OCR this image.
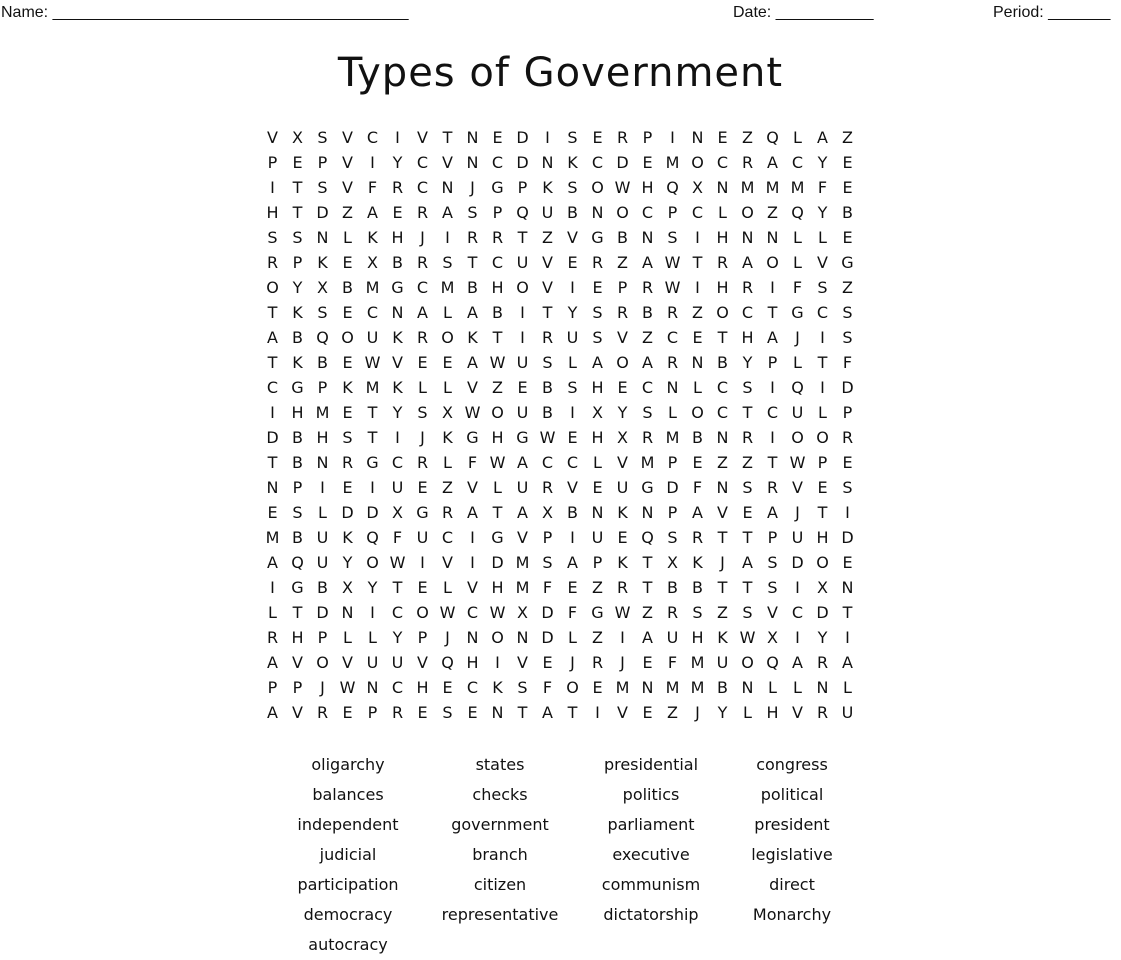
Name: ________________________________________	Date: ___________	Period: _______
Types of Government
V X S V C	I	V T N E D	I	S E R P	I	N E Z Q L A Z
P E P V	I	Y C V N C D N K C D E M O C R A C Y E
I	T S V F R C N	J	G P K S O W H Q X N M M M F E
H T D Z A E R A S P Q U B N O C P C L O Z Q Y B
S S N L K H	J	I	R R T Z V G B N S	I	H N N L	L E
R P K E X B R S T C U V E R Z A W T R A O L V G
O Y X B M G C M B H O V	I	E P R W I	H R	I	F S Z
T K S E C N A L A B	I	T Y S R B R Z O C T G C S
A B Q O U K R O K T	I	R U S V Z C E T H A	J	I	S
T K B E W V E E A W U S L A O A R N B Y P L T F
C G P K M K L	L V Z E B S H E C N L C S	I	Q	I	D
I	H M E T Y S X W O U B	I	X Y S L O C T C U L P
D B H S T	I	J	K G H G W E H X R M B N R	I	O O R
T B N R G C R L F W A C C L V M P E Z Z T W P E
N P	I	E	I	U E Z V L U R V E U G D F N S R V E S
E S L D D X G R A T A X B N K N P A V E A	J	T	I
M B U K Q F U C	I	G V P	I	U E Q S R T T P U H D
A Q U Y O W I	V	I	D M S A P K T X K	J	A S D O E
I	G B X Y T E L V H M F E Z R T B B T T S	I	X N
L T D N	I	C O W C W X D F G W Z R S Z S V C D T
R H P L	L Y P	J	N O N D L Z	I	A U H K W X	I	Y	I
A V O V U U V Q H	I	V E	J	R	J	E F M U O Q A R A
P P	J W N C H E C K S F O E M N M M B N L	L N L
A V R E P R E S E N T A T	I	V E Z	J	Y L H V R U
oligarchy	states	presidential	congress
balances	checks	politics	political
independent	government	parliament	president
judicial	branch	executive	legislative
participation	citizen	communism	direct
democracy	representative	dictatorship	Monarchy
autocracy
